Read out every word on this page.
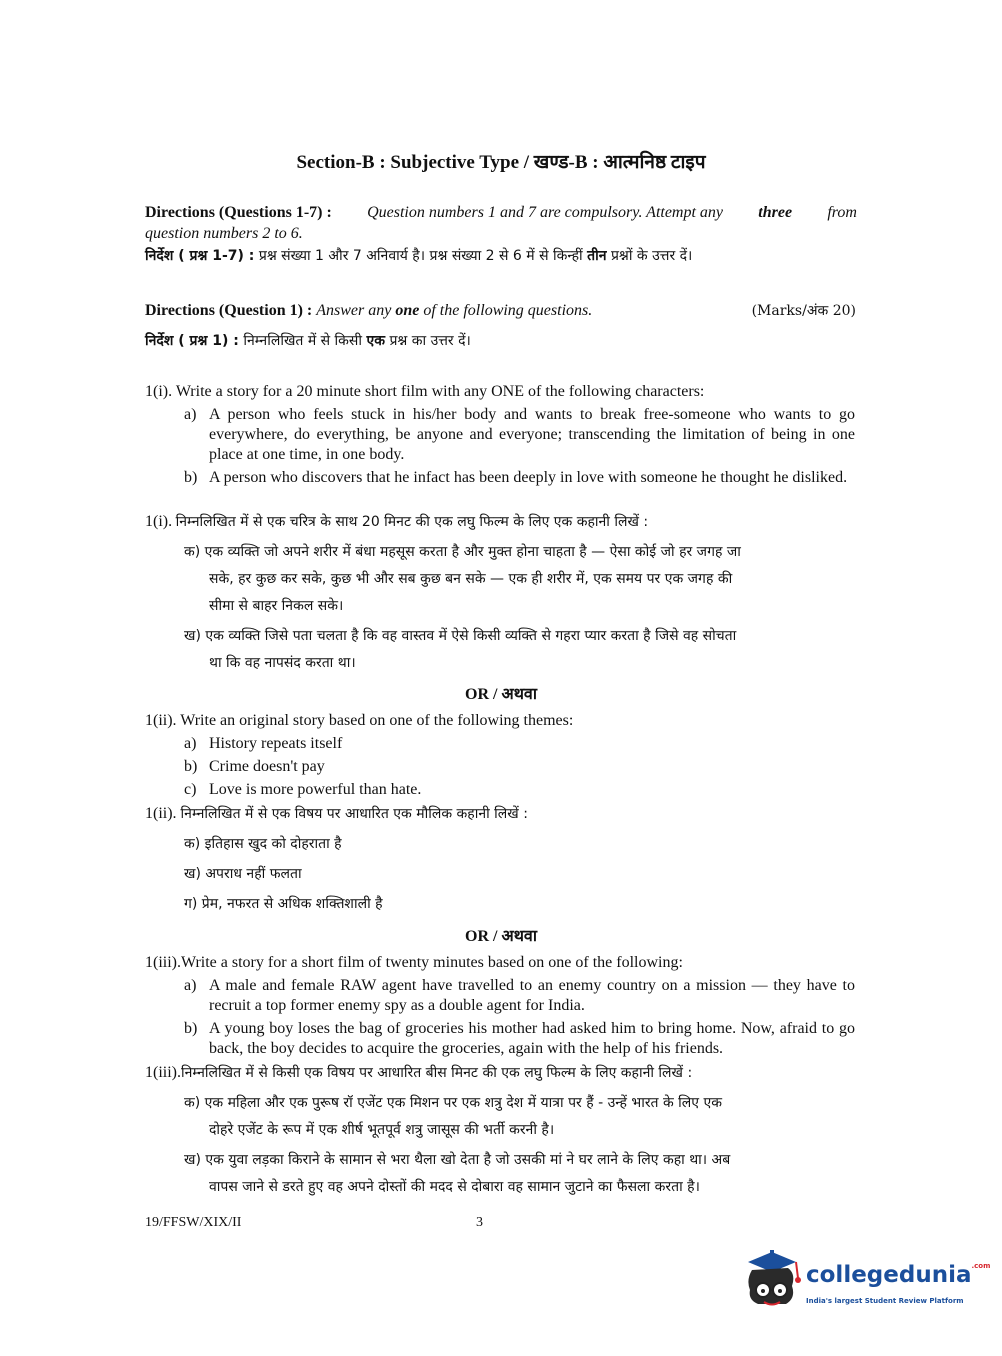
Section-B : Subjective Type / खण्ड-B : आत्मनिष्ठ टाइप
Directions (Questions 1-7) : Question numbers 1 and 7 are compulsory. Attempt any three from
question numbers 2 to 6.
निर्देश ( प्रश्न 1-7) : प्रश्न संख्या 1 और 7 अनिवार्य है। प्रश्न संख्या 2 से 6 में से किन्हीं तीन प्रश्नों के उत्तर दें।
Directions (Question 1) : Answer any one of the following questions.	(Marks/अंक 20)
निर्देश ( प्रश्न 1) : निम्नलिखित में से किसी एक प्रश्न का उत्तर दें।
1(i). Write a story for a 20 minute short film with any ONE of the following characters:
a) A person who feels stuck in his/her body and wants to break free-someone who wants to go everywhere, do everything, be anyone and everyone; transcending the limitation of being in one place at one time, in one body.
b) A person who discovers that he infact has been deeply in love with someone he thought he disliked.
1(i). निम्नलिखित में से एक चरित्र के साथ 20 मिनट की एक लघु फिल्म के लिए एक कहानी लिखें :
क) एक व्यक्ति जो अपने शरीर में बंधा महसूस करता है और मुक्त होना चाहता है — ऐसा कोई जो हर जगह जा
सके, हर कुछ कर सके, कुछ भी और सब कुछ बन सके — एक ही शरीर में, एक समय पर एक जगह की
सीमा से बाहर निकल सके।
ख) एक व्यक्ति जिसे पता चलता है कि वह वास्तव में ऐसे किसी व्यक्ति से गहरा प्यार करता है जिसे वह सोचता
था कि वह नापसंद करता था।
OR / अथवा
1(ii). Write an original story based on one of the following themes:
a) History repeats itself
b) Crime doesn't pay
c) Love is more powerful than hate.
1(ii). निम्नलिखित में से एक विषय पर आधारित एक मौलिक कहानी लिखें :
क) इतिहास खुद को दोहराता है
ख) अपराध नहीं फलता
ग) प्रेम, नफरत से अधिक शक्तिशाली है
OR / अथवा
1(iii).Write a story for a short film of twenty minutes based on one of the following:
a) A male and female RAW agent have travelled to an enemy country on a mission — they have to recruit a top former enemy spy as a double agent for India.
b) A young boy loses the bag of groceries his mother had asked him to bring home. Now, afraid to go back, the boy decides to acquire the groceries, again with the help of his friends.
1(iii).निम्नलिखित में से किसी एक विषय पर आधारित बीस मिनट की एक लघु फिल्म के लिए कहानी लिखें :
क) एक महिला और एक पुरूष रॉ एजेंट एक मिशन पर एक शत्रु देश में यात्रा पर हैं - उन्हें भारत के लिए एक
दोहरे एजेंट के रूप में एक शीर्ष भूतपूर्व शत्रु जासूस की भर्ती करनी है।
ख) एक युवा लड़का किराने के सामान से भरा थैला खो देता है जो उसकी मां ने घर लाने के लिए कहा था। अब
वापस जाने से डरते हुए वह अपने दोस्तों की मदद से दोबारा वह सामान जुटाने का फैसला करता है।
19/FFSW/XIX/II	3
collegedunia$^{.com}$
India's largest Student Review Platform
